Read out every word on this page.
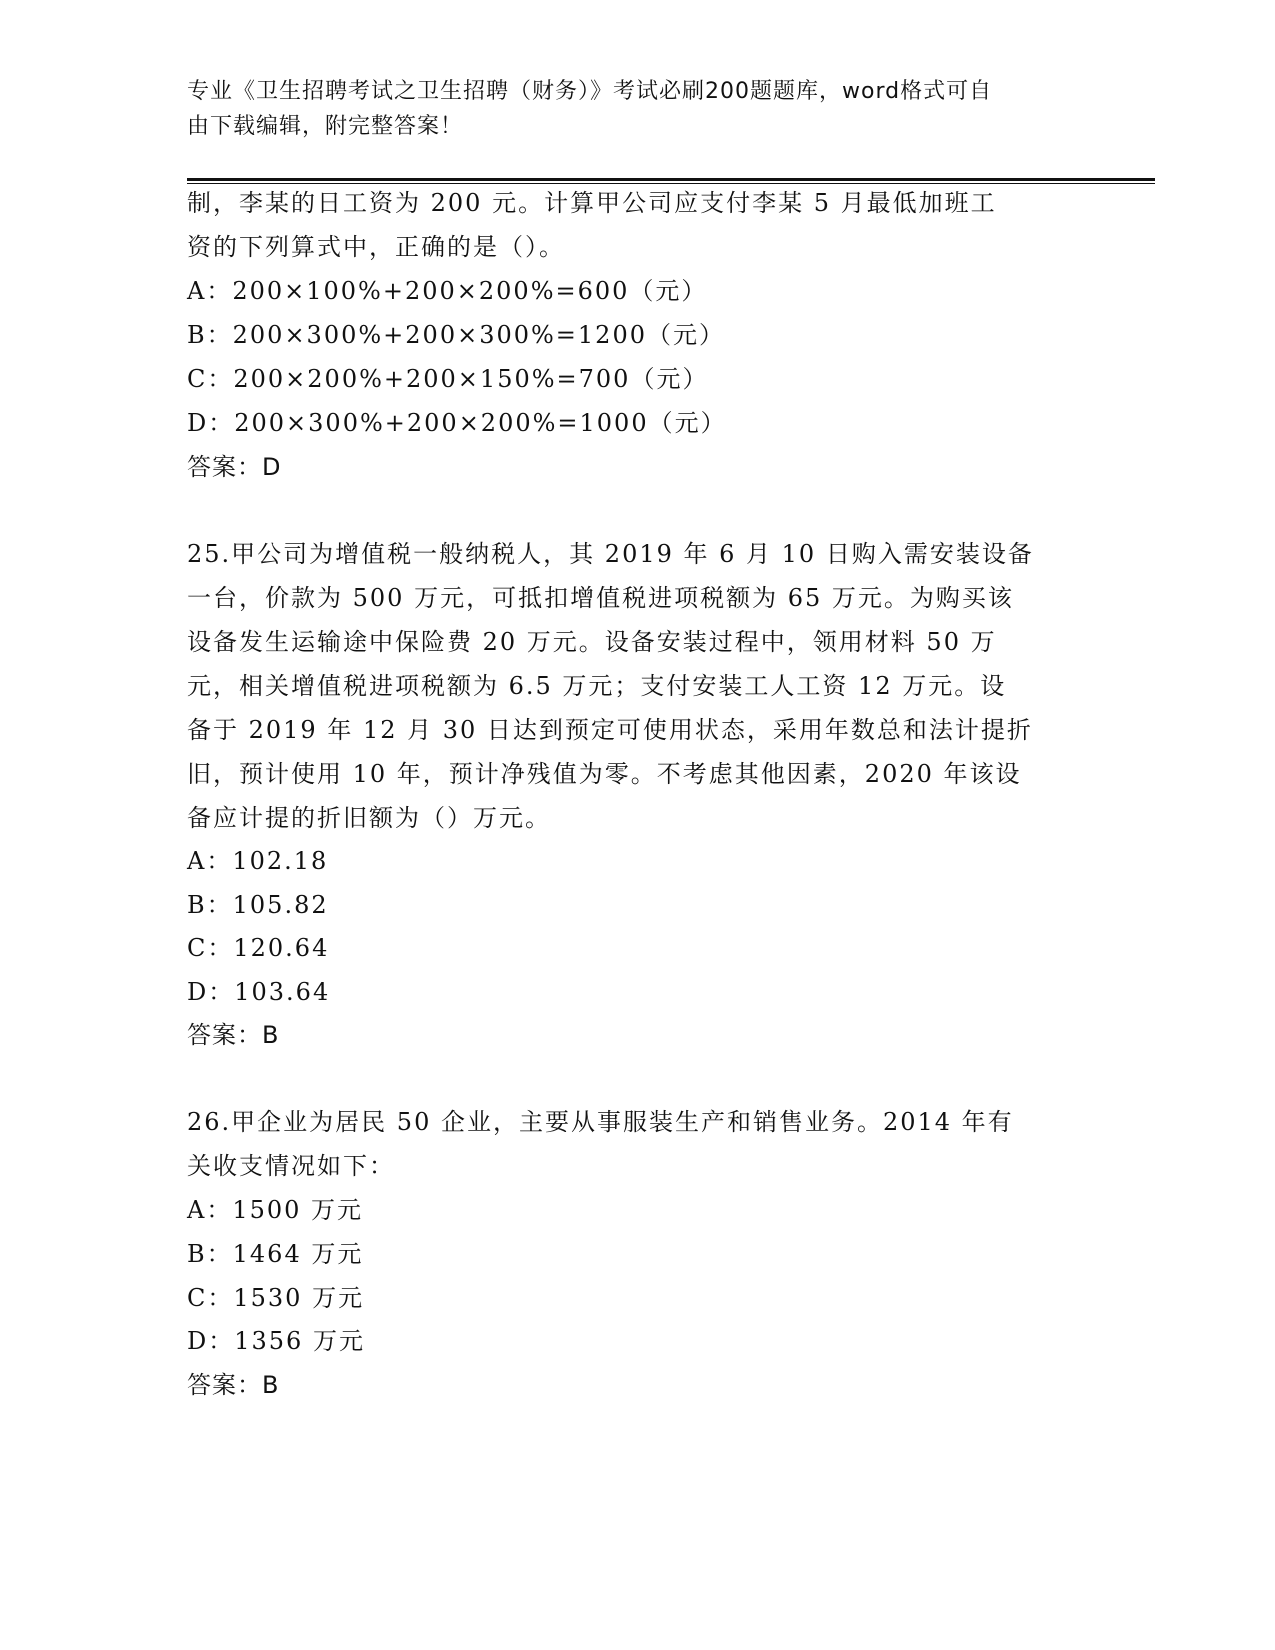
专业《卫生招聘考试之卫生招聘（财务）》考试必刷200题题库，word格式可自
由下载编辑，附完整答案！
制，李某的日工资为 200 元。计算甲公司应支付李某 5 月最低加班工
资的下列算式中，正确的是（）。
A：200×100%+200×200%=600（元）
B：200×300%+200×300%=1200（元）
C：200×200%+200×150%=700（元）
D：200×300%+200×200%=1000（元）
答案：D
25.甲公司为增值税一般纳税人，其 2019 年 6 月 10 日购入需安装设备
一台，价款为 500 万元，可抵扣增值税进项税额为 65 万元。为购买该
设备发生运输途中保险费 20 万元。设备安装过程中，领用材料 50 万
元，相关增值税进项税额为 6.5 万元；支付安装工人工资 12 万元。设
备于 2019 年 12 月 30 日达到预定可使用状态，采用年数总和法计提折
旧，预计使用 10 年，预计净残值为零。不考虑其他因素，2020 年该设
备应计提的折旧额为（）万元。
A：102.18
B：105.82
C：120.64
D：103.64
答案：B
26.甲企业为居民 50 企业，主要从事服装生产和销售业务。2014 年有
关收支情况如下：
A：1500 万元
B：1464 万元
C：1530 万元
D：1356 万元
答案：B
